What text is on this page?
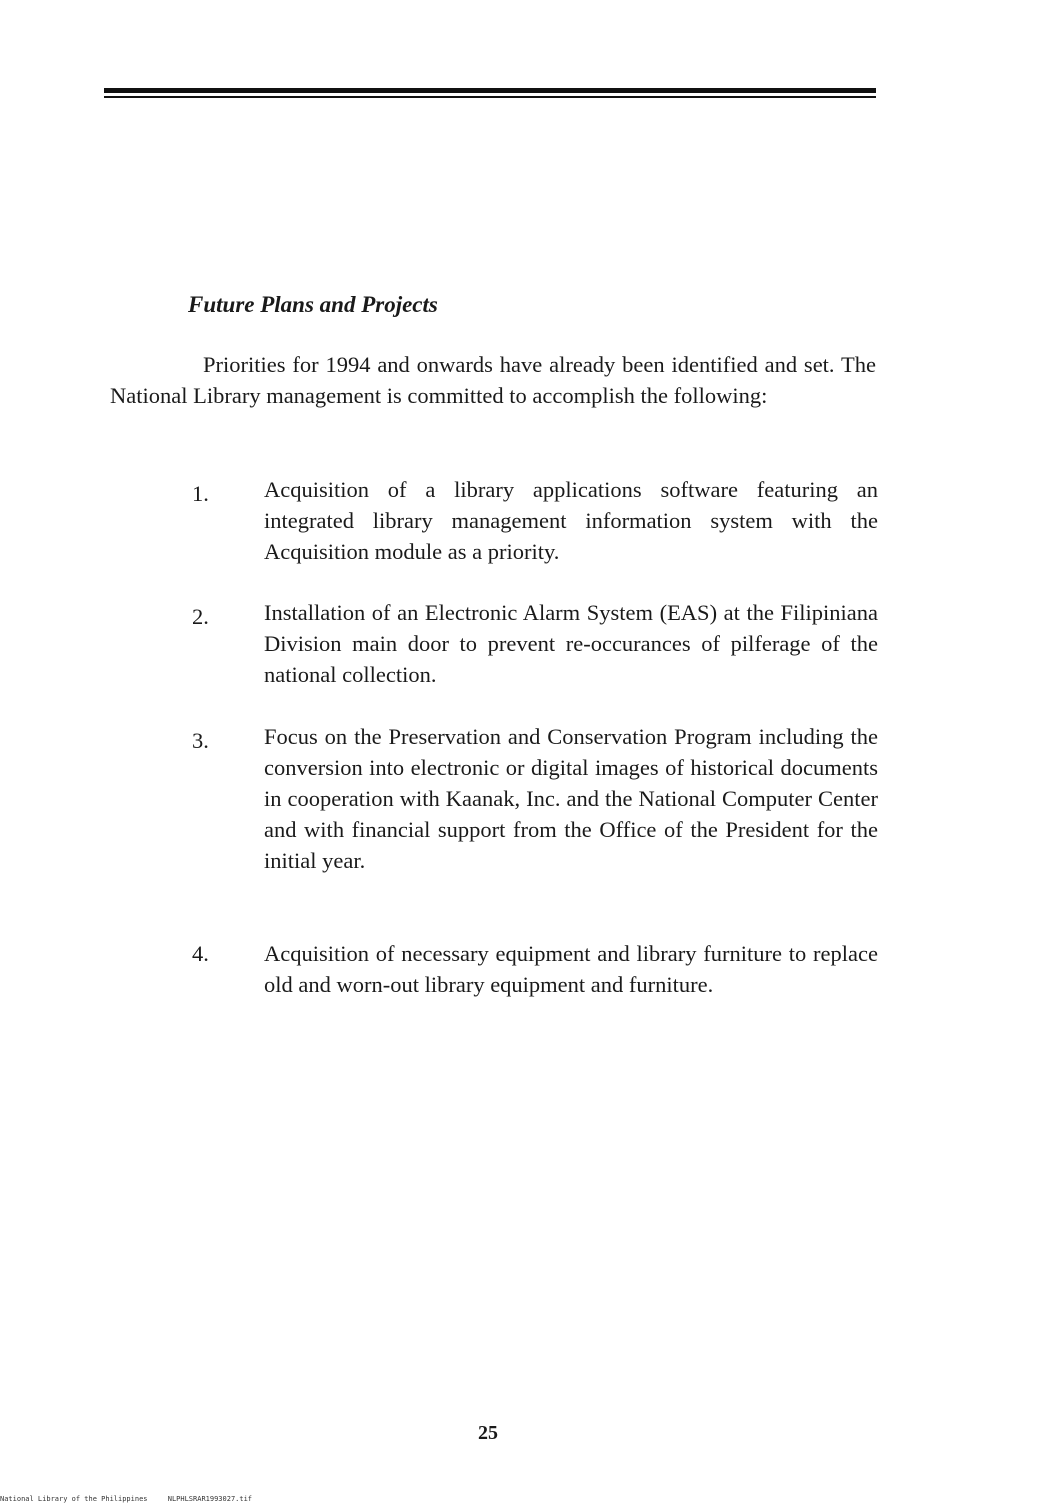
Future Plans and Projects

Priorities for 1994 and onwards have already been identified and set. The National Library management is committed to accomplish the following:

1. Acquisition of a library applications software featuring an integrated library management information system with the Acquisition module as a priority.

2. Installation of an Electronic Alarm System (EAS) at the Filipiniana Division main door to prevent re-occurances of pilferage of the national collection.

3. Focus on the Preservation and Conservation Program including the conversion into electronic or digital images of historical documents in cooperation with Kaanak, Inc. and the National Computer Center and with financial support from the Office of the President for the initial year.

4. Acquisition of necessary equipment and library furniture to replace old and worn-out library equipment and furniture.

25

National Library of the Philippines	NLPHLSRAR1993027.tif
